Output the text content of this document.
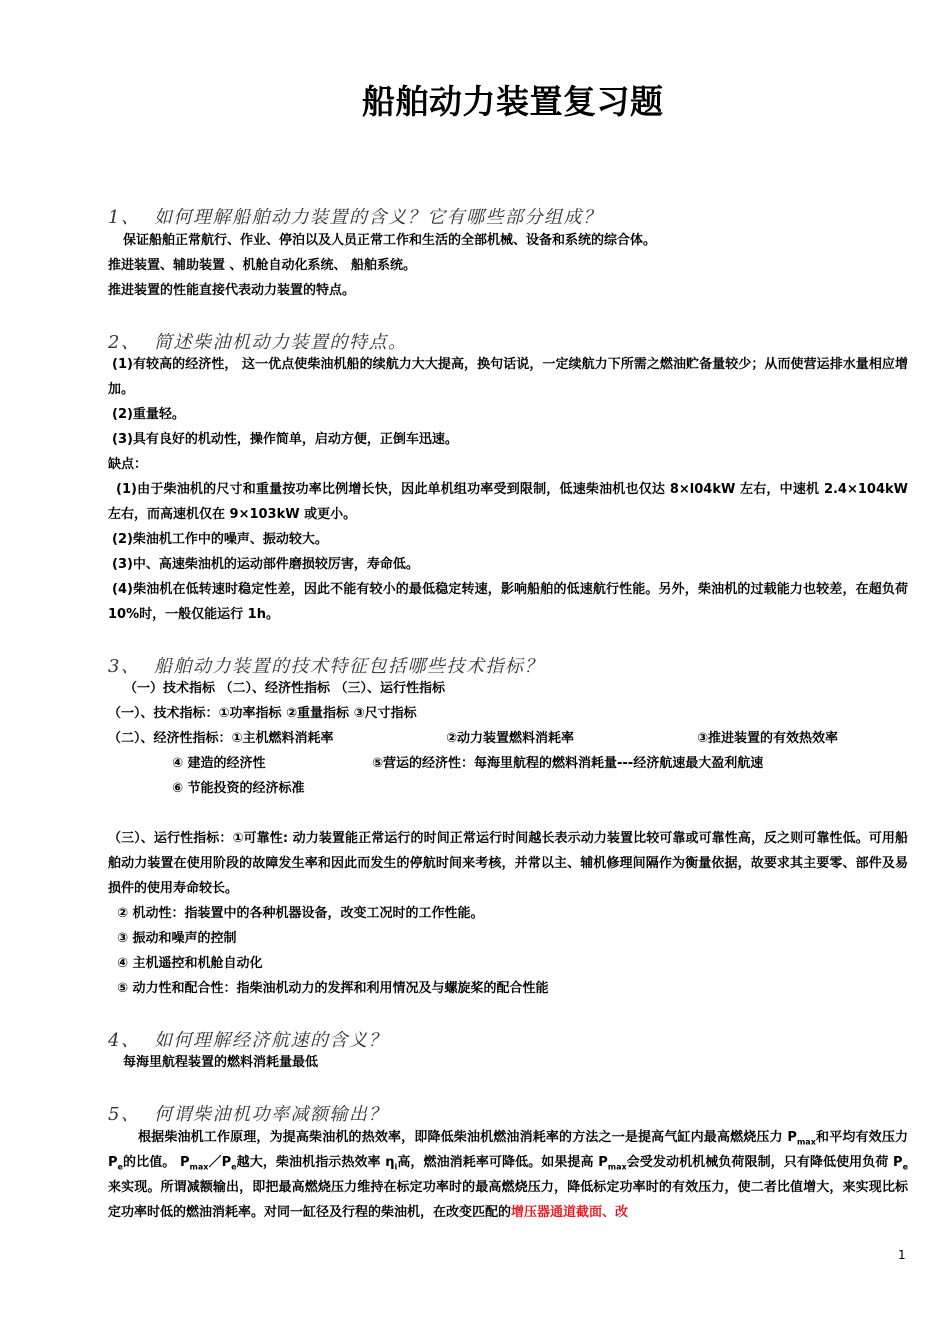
船舶动力装置复习题
1、 如何理解船舶动力装置的含义？它有哪些部分组成？
保证船舶正常航行、作业、停泊以及人员正常工作和生活的全部机械、设备和系统的综合体。
推进装置、辅助装置 、机舱自动化系统、 船舶系统。
推进装置的性能直接代表动力装置的特点。
2、 简述柴油机动力装置的特点。
(1)有较高的经济性， 这一优点使柴油机船的续航力大大提高，换句话说，一定续航力下所需之燃油贮备量较少；从而使营运排水量相应增加。
(2)重量轻。
(3)具有良好的机动性，操作简单，启动方便，正倒车迅速。
缺点：
(1)由于柴油机的尺寸和重量按功率比例增长快，因此单机组功率受到限制，低速柴油机也仅达 8×l04kW 左右，中速机 2.4×104kW 左右，而高速机仅在 9×103kW 或更小。
(2)柴油机工作中的噪声、振动较大。
(3)中、高速柴油机的运动部件磨损较厉害，寿命低。
(4)柴油机在低转速时稳定性差，因此不能有较小的最低稳定转速，影响船舶的低速航行性能。另外，柴油机的过载能力也较差，在超负荷 10%时，一般仅能运行 1h。
3、 船舶动力装置的技术特征包括哪些技术指标？
（一）技术指标 （二）、经济性指标 （三）、运行性指标
（一）、技术指标：①功率指标 ②重量指标 ③尺寸指标
（二）、经济性指标：①主机燃料消耗率	②动力装置燃料消耗率	③推进装置的有效热效率
④ 建造的经济性	⑤营运的经济性：每海里航程的燃料消耗量---经济航速最大盈利航速
⑥ 节能投资的经济标准
（三）、运行性指标：①可靠性: 动力装置能正常运行的时间正常运行时间越长表示动力装置比较可靠或可靠性高，反之则可靠性低。可用船舶动力装置在使用阶段的故障发生率和因此而发生的停航时间来考核，并常以主、辅机修理间隔作为衡量依据，故要求其主要零、部件及易损件的使用寿命较长。
② 机动性：指装置中的各种机器设备，改变工况时的工作性能。
③ 振动和噪声的控制
④ 主机遥控和机舱自动化
⑤ 动力性和配合性：指柴油机动力的发挥和利用情况及与螺旋桨的配合性能
4、 如何理解经济航速的含义？
每海里航程装置的燃料消耗量最低
5、 何谓柴油机功率减额输出？
根据柴油机工作原理，为提高柴油机的热效率，即降低柴油机燃油消耗率的方法之一是提高气缸内最高燃烧压力 $P_{max}$和平均有效压力 $P_e$的比值。 $P_{max}/P_e$越大，柴油机指示热效率 $\eta_i$高，燃油消耗率可降低。如果提高 $P_{max}$会受发动机机械负荷限制，只有降低使用负荷 $P_e$来实现。所谓减额输出，即把最高燃烧压力维持在标定功率时的最高燃烧压力，降低标定功率时的有效压力，使二者比值增大，来实现比标定功率时低的燃油消耗率。对同一缸径及行程的柴油机，在改变匹配的增压器通道截面、改
1
